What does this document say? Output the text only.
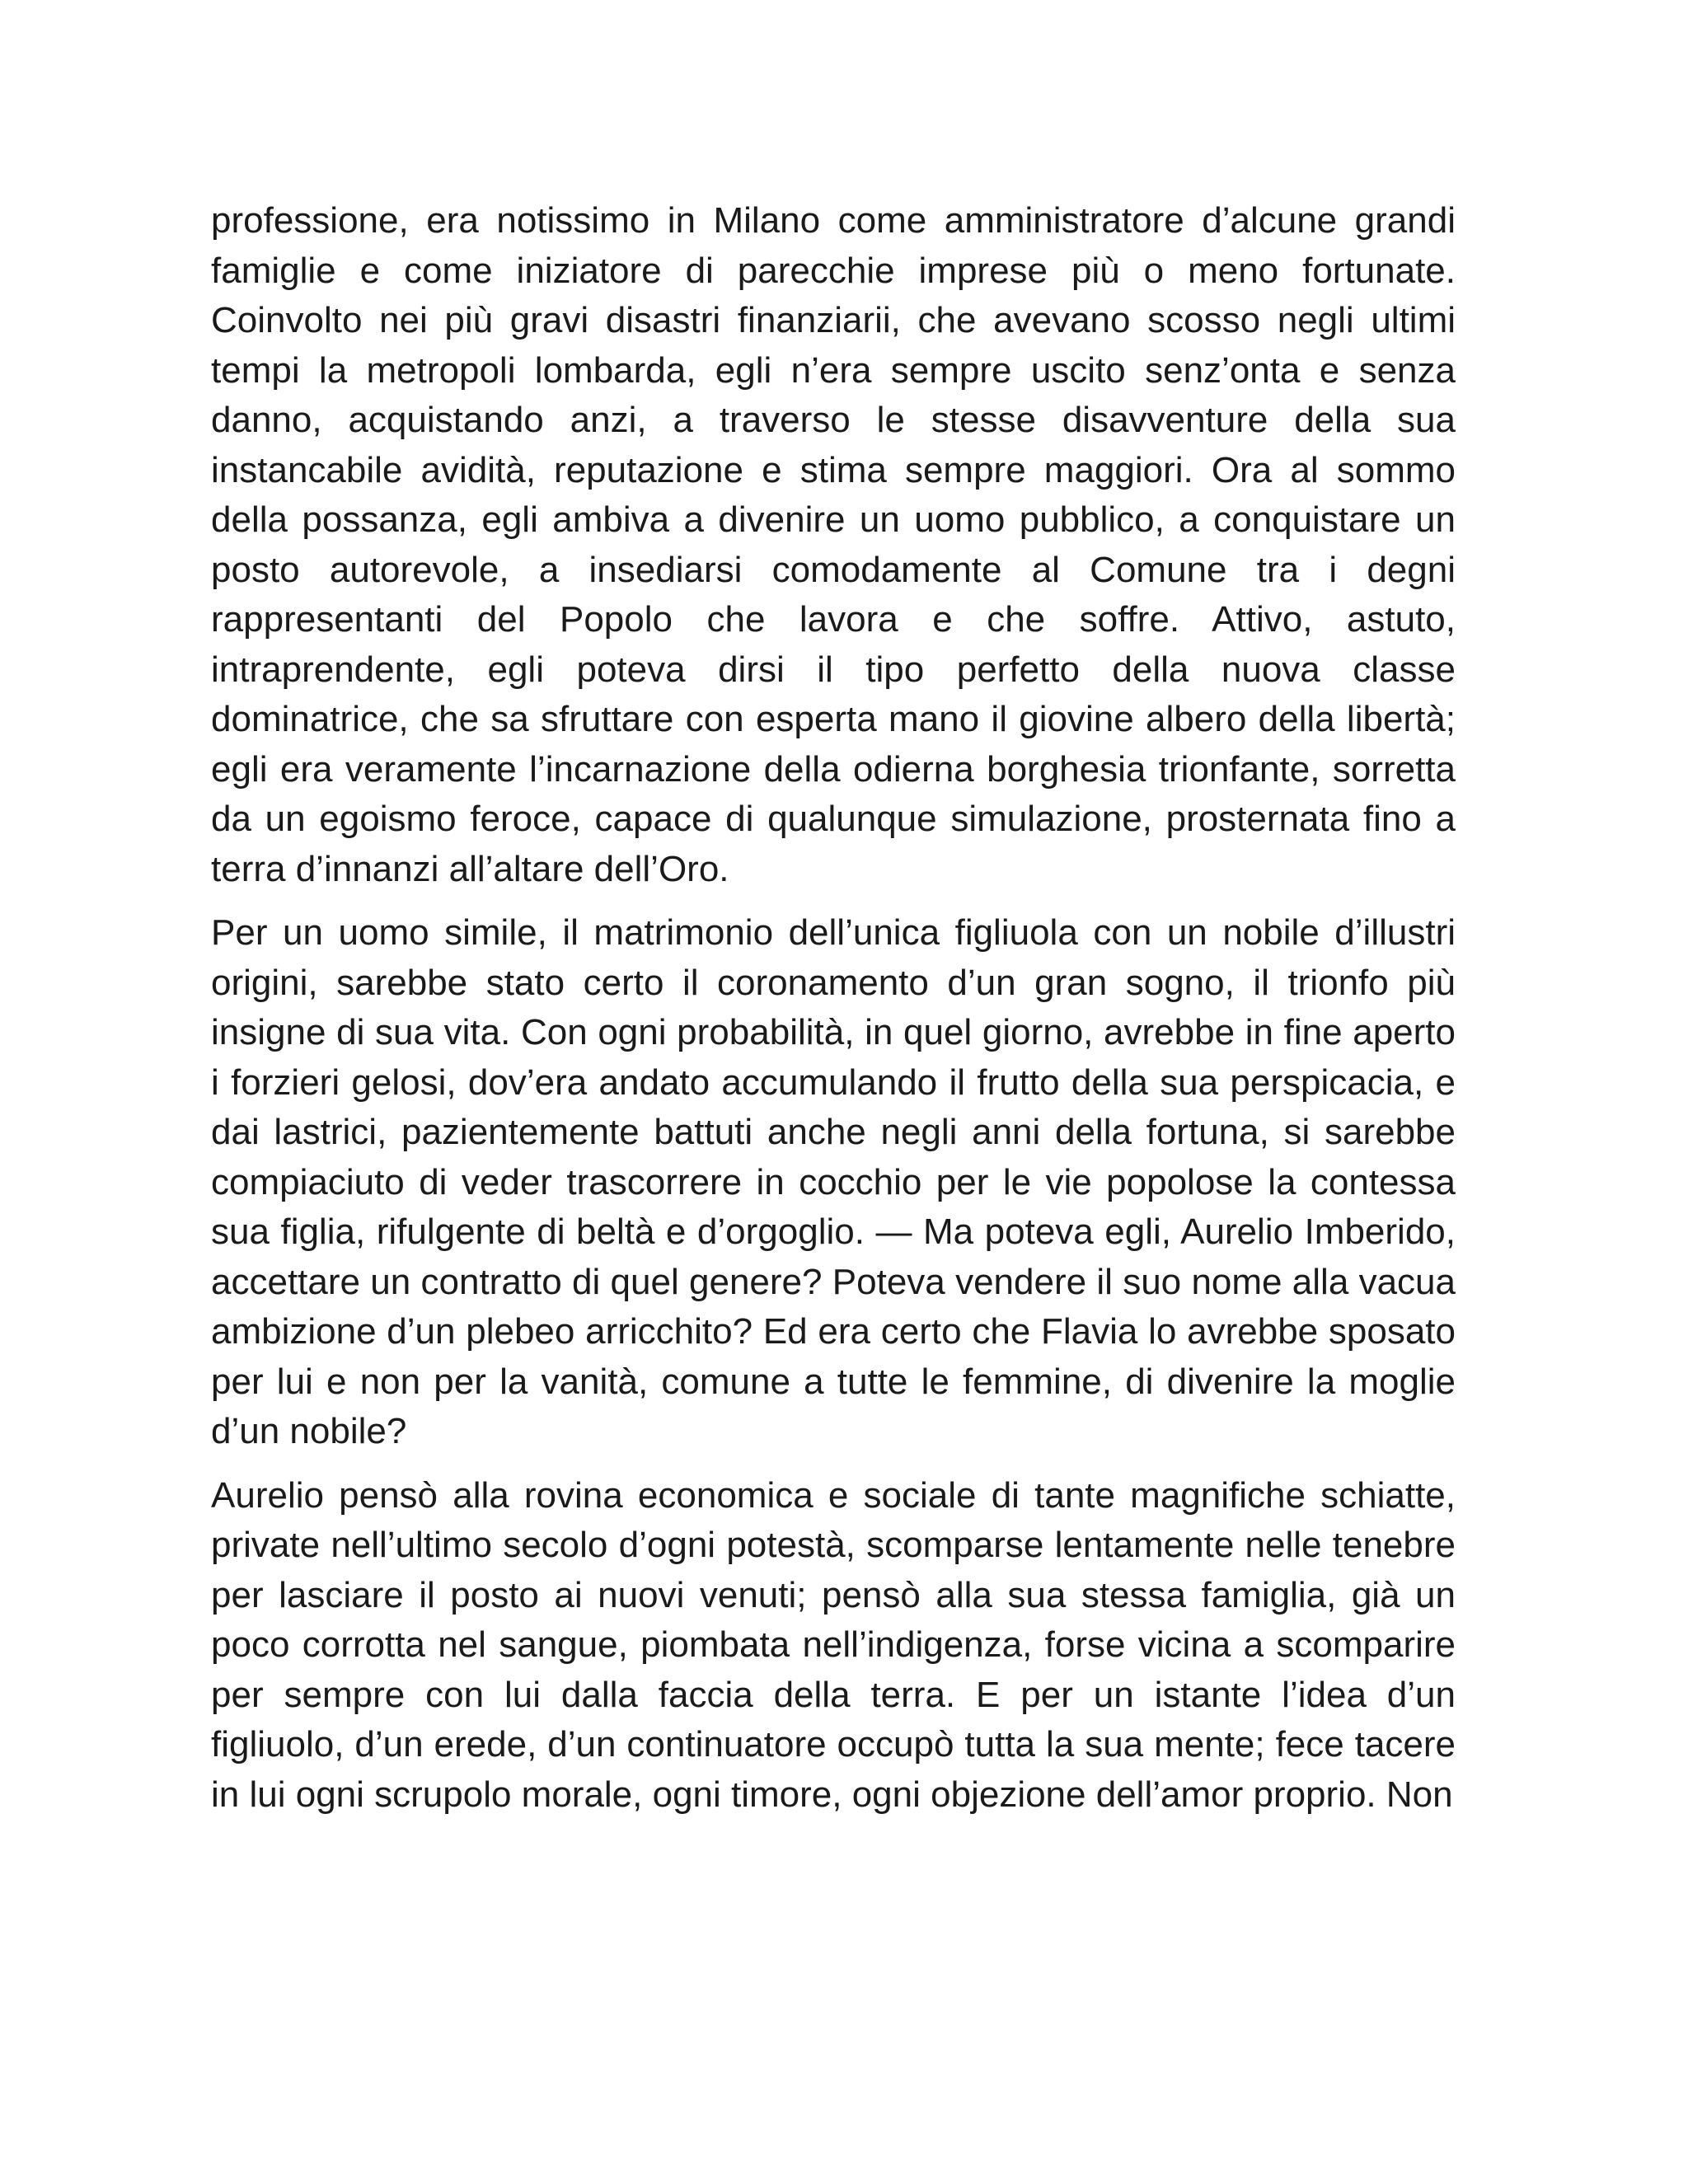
professione, era notissimo in Milano come amministratore d’alcune grandi famiglie e come iniziatore di parecchie imprese più o meno fortunate. Coinvolto nei più gravi disastri finanziarii, che avevano scosso negli ultimi tempi la metropoli lombarda, egli n’era sempre uscito senz’onta e senza danno, acquistando anzi, a traverso le stesse disavventure della sua instancabile avidità, reputazione e stima sempre maggiori. Ora al sommo della possanza, egli ambiva a divenire un uomo pubblico, a conquistare un posto autorevole, a insediarsi comodamente al Comune tra i degni rappresentanti del Popolo che lavora e che soffre. Attivo, astuto, intraprendente, egli poteva dirsi il tipo perfetto della nuova classe dominatrice, che sa sfruttare con esperta mano il giovine albero della libertà; egli era veramente l’incarnazione della odierna borghesia trionfante, sorretta da un egoismo feroce, capace di qualunque simulazione, prosternata fino a terra d’innanzi all’altare dell’Oro.

Per un uomo simile, il matrimonio dell’unica figliuola con un nobile d’illustri origini, sarebbe stato certo il coronamento d’un gran sogno, il trionfo più insigne di sua vita. Con ogni probabilità, in quel giorno, avrebbe in fine aperto i forzieri gelosi, dov’era andato accumulando il frutto della sua perspicacia, e dai lastrici, pazientemente battuti anche negli anni della fortuna, si sarebbe compiaciuto di veder trascorrere in cocchio per le vie popolose la contessa sua figlia, rifulgente di beltà e d’orgoglio. — Ma poteva egli, Aurelio Imberido, accettare un contratto di quel genere? Poteva vendere il suo nome alla vacua ambizione d’un plebeo arricchito? Ed era certo che Flavia lo avrebbe sposato per lui e non per la vanità, comune a tutte le femmine, di divenire la moglie d’un nobile?

Aurelio pensò alla rovina economica e sociale di tante magnifiche schiatte, private nell’ultimo secolo d’ogni potestà, scomparse lentamente nelle tenebre per lasciare il posto ai nuovi venuti; pensò alla sua stessa famiglia, già un poco corrotta nel sangue, piombata nell’indigenza, forse vicina a scomparire per sempre con lui dalla faccia della terra. E per un istante l’idea d’un figliuolo, d’un erede, d’un continuatore occupò tutta la sua mente; fece tacere in lui ogni scrupolo morale, ogni timore, ogni objezione dell’amor proprio. Non
